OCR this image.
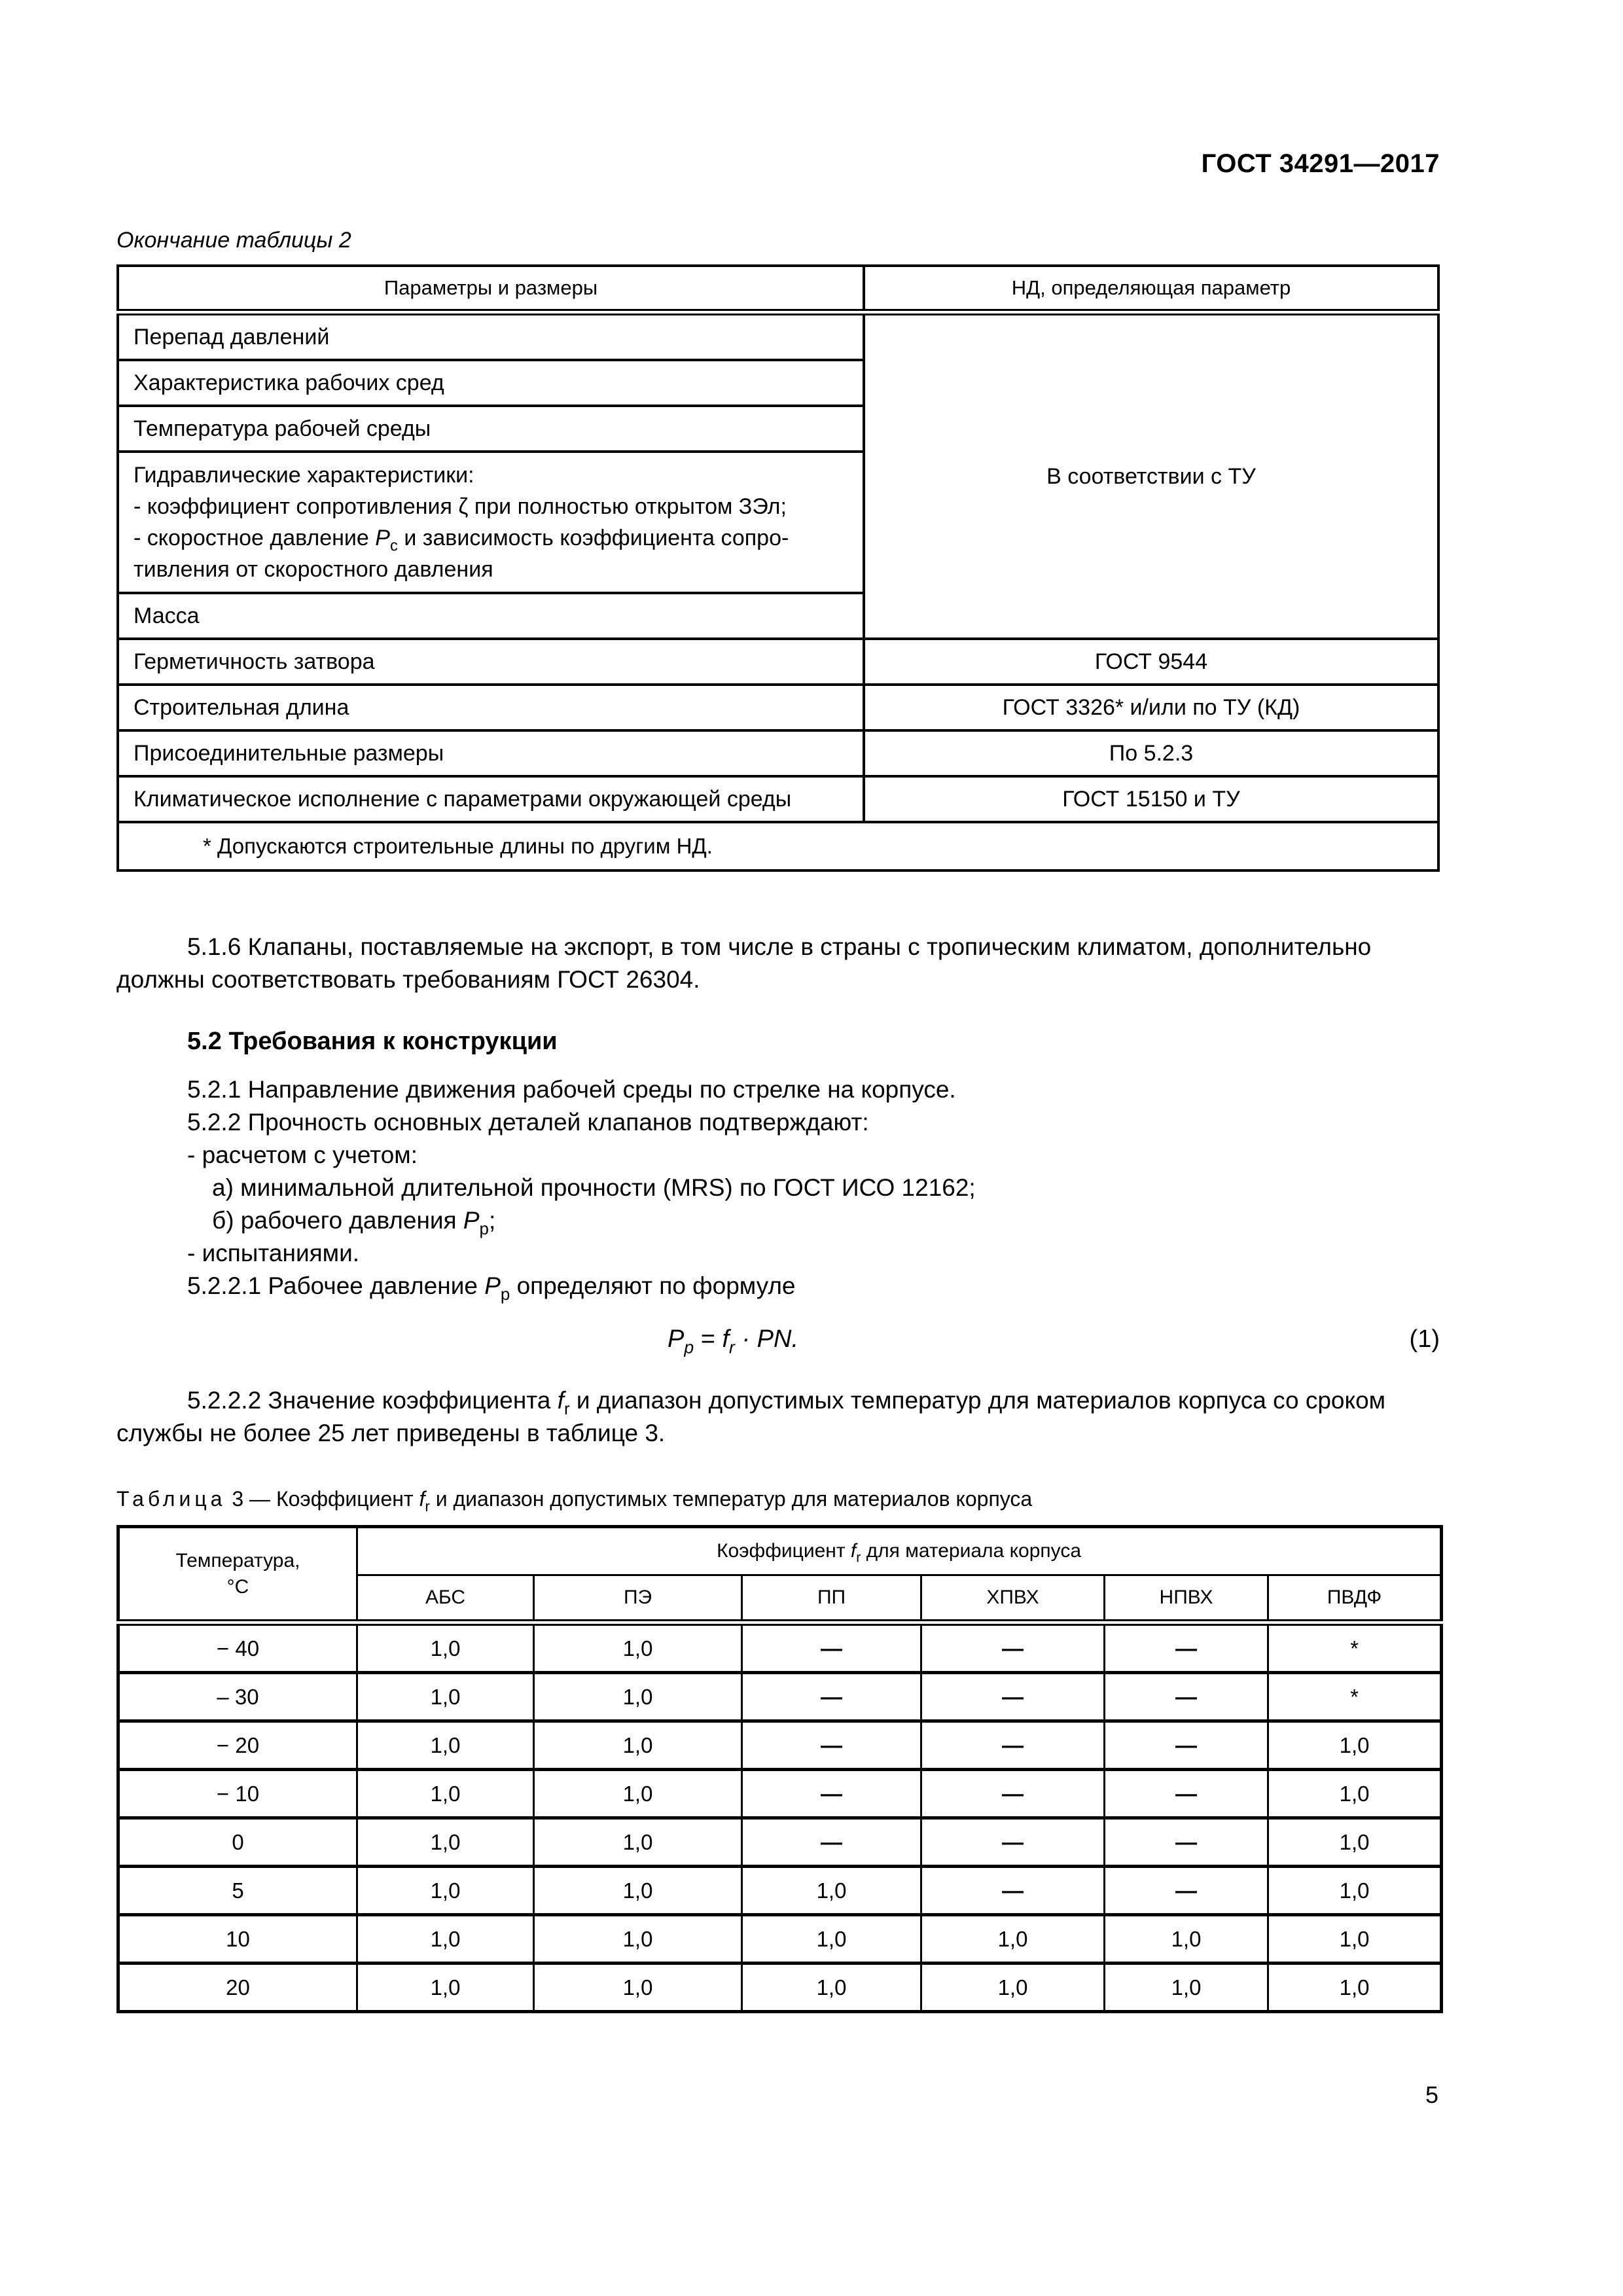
ГОСТ 34291—2017
Окончание таблицы 2
Параметры и размеры	НД, определяющая параметр
Перепад давлений	В соответствии с ТУ
Характеристика рабочих сред	
Температура рабочей среды	

Гидравлические характеристики:
- коэффициент сопротивления ζ при полностью открытом ЗЭл;
- скоростное давление $P_c$ и зависимость коэффициента сопро-
тивления от скоростного давления	

Масса	
Герметичность затвора	ГОСТ 9544
Строительная длина	ГОСТ 3326* и/или по ТУ (КД)
Присоединительные размеры	По 5.2.3
Климатическое исполнение с параметрами окружающей среды	ГОСТ 15150 и ТУ
* Допускаются строительные длины по другим НД.	
5.1.6 Клапаны, поставляемые на экспорт, в том числе в страны с тропическим климатом, дополнительно должны соответствовать требованиям ГОСТ 26304.
5.2 Требования к конструкции
5.2.1 Направление движения рабочей среды по стрелке на корпусе.
5.2.2 Прочность основных деталей клапанов подтверждают:
- расчетом с учетом:
а) минимальной длительной прочности (MRS) по ГОСТ ИСО 12162;
б) рабочего давления $P_р$;
- испытаниями.
5.2.2.1 Рабочее давление $P_р$ определяют по формуле
$P_р = f_r$ · PN.	(1)
5.2.2.2 Значение коэффициента $f_r$ и диапазон допустимых температур для материалов корпуса со сроком службы не более 25 лет приведены в таблице 3.
Таблица 3 — Коэффициент $f_r$ и диапазон допустимых температур для материалов корпуса
Температура,
°С	Коэффициент $f_r$ для материала корпуса					
	АБС	ПЭ	ПП	ХПВХ	НПВХ	ПВДФ
− 40	1,0	1,0	—	—	—	*
– 30	1,0	1,0	—	—	—	*
− 20	1,0	1,0	—	—	—	1,0
− 10	1,0	1,0	—	—	—	1,0
0	1,0	1,0	—	—	—	1,0
5	1,0	1,0	1,0	—	—	1,0
10	1,0	1,0	1,0	1,0	1,0	1,0
20	1,0	1,0	1,0	1,0	1,0	1,0
5
